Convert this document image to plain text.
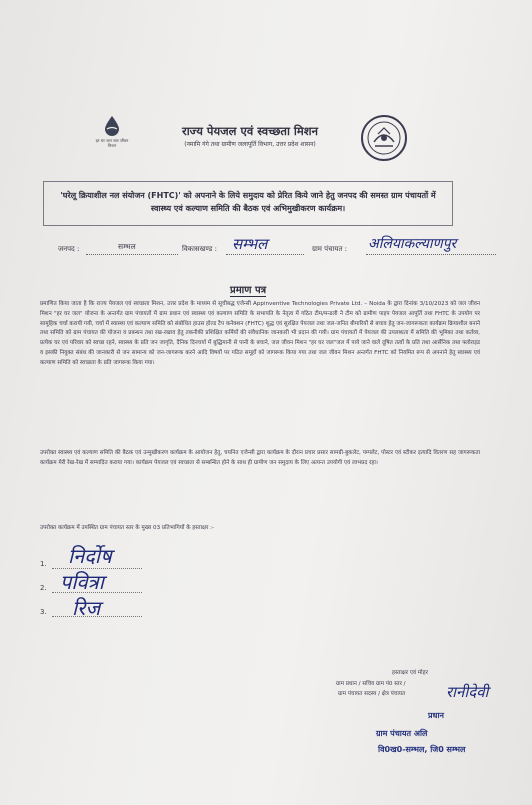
हर घर जल जल जीवन मिशन
राज्य पेयजल एवं स्वच्छता मिशन
(नमामि गंगे तथा ग्रामीण जलापूर्ति विभाग, उत्तर प्रदेश शासन)
'घरेलू क्रियाशील नल संयोजन (FHTC)' को अपनाने के लिये समुदाय को प्रेरित किये जाने हेतु जनपद की समस्त ग्राम पंचायतों में स्वास्थ्य एवं कल्याण समिति की बैठक एवं अभिमुखीकरण कार्यक्रम।
जनपद :	सम्भल	विकासखण्ड : सम्भल	ग्राम पंचायत : अलियाकल्याणपुर
प्रमाण पत्र
प्रमाणित किया जाता है कि राज्य पेयजल एवं स्वच्छता मिशन, उत्तर प्रदेश के माध्यम से सूचीबद्ध एजेन्सी Appinventive Technologies Private Ltd. – Noida के द्वारा दिनांक 3/10/2023 को जल जीवन मिशन "हर घर जल" योजना के अन्तर्गत ग्राम पंचायतों में ग्राम प्रधान एवं स्वास्थ्य एवं कल्याण समिति के सभापति के नेतृत्व में गठित टीम/मन्डली ने टीम को ग्रामीण पाइप पेयजल आपूर्ति तथा FHTC के उपयोग पर सामूहिक चर्चा करायी गयी, चर्चा में स्वास्थ्य एवं कल्याण समिति को संबोधित हाउस होल्ड टैप कनेक्शन (FHTC) शुद्ध एवं सुरक्षित पेयजल तथा जल-जनित बीमारियों से बचाव हेतु जन-जागरूकता कार्यक्रम क्रियाशील बनाने तथा समिति को ग्राम पंचायत की योजना व प्रबन्धन तथा रख-रखाव हेतु तकनीकी प्रशिक्षित कर्मियों की संवैधानिक जानकारी भी प्रदान की गयी। ग्राम पंचायतों में पेयजल की उपलब्धता में समिति की भूमिका तथा कर्तव्य, प्रत्येक घर एवं परिवार को स्वच्छ रहने, स्वास्थ्य के प्रति जन जागृति, दैनिक दिनचर्या में बुद्धिमानी से पानी के बचाने, जल जीवन मिशन "हर घर जल"जल में पाये जाने वाले दूषित तत्वों के प्रति तथा आर्सेनिक तथा फ्लोराइड व इसकी नियुक्त संबंध की जानकारी से जन सामान्य को जन-जागरूक करने आदि विषयों पर गठित समूहों को जागरूक किया गया तथा जल जीवन मिशन अन्तर्गत FHTC को नियमित रूप से अपनाने हेतु स्वास्थ्य एवं कल्याण समिति को स्वच्छता के प्रति जागरूक किया गया।
उपरोक्त स्वास्थ्य एवं कल्याण समिति की बैठक एवं उन्मुखीकरण कार्यक्रम के आयोजन हेतु, चयनित एजेन्सी द्वारा कार्यक्रम के दौरान प्रचार प्रसार सामग्री-बुकलेट, पम्पलेट, पोस्टर एवं स्टीकर इत्यादि वितरण सह जागरूकता कार्यक्रम मेरी रेख-रेख में सम्पादित कराया गया। कार्यक्रम पेयजल एवं स्वच्छता से सम्बन्धित होने के साथ ही ग्रामीण जन समुदाय के लिए अत्यन्त उपयोगी एवं लाभप्रद रहा।
उपरोक्त कार्यक्रम में उपस्थित ग्राम पंचायत स्तर के मुख्य 03 प्रतिभागियों के हस्ताक्षर :-
1. निर्दोष
2. पवित्रा
3. रिज
हस्ताक्षर एवं मोहर
ग्राम प्रधान / सचिव ग्राम पं0 स्तर /
ग्राम पंचायत सदस्य / क्षेत्र पंचायत	रानीदेवी
प्रधान
ग्राम पंचायत अलि
वि0ख0-सम्भल, जि0 सम्भल
